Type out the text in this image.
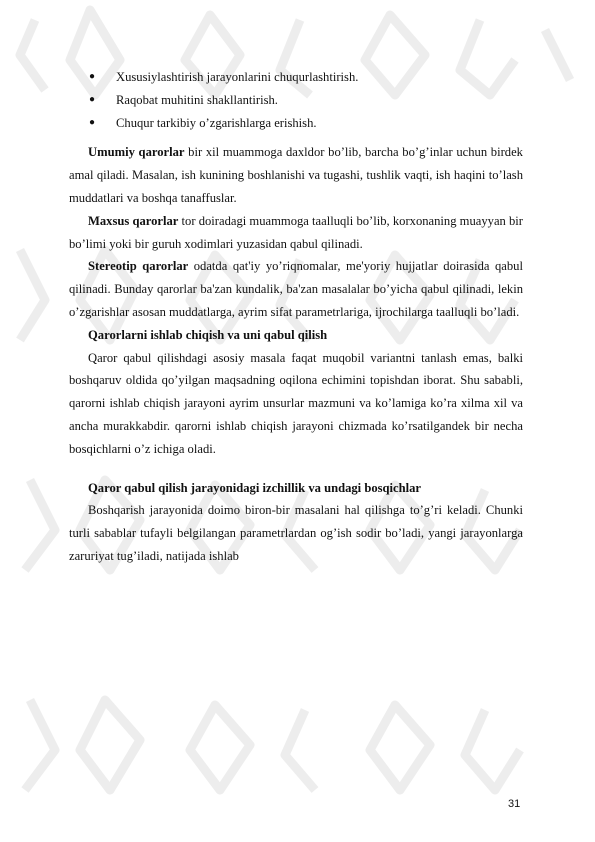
● Xususiylashtirish jarayonlarini chuqurlashtirish.
● Raqobat muhitini shakllantirish.
● Chuqur tarkibiy o’zgarishlarga erishish.

Umumiy qarorlar bir xil muammoga daxldor bo’lib, barcha bo’g’inlar uchun birdek amal qiladi. Masalan, ish kunining boshlanishi va tugashi, tushlik vaqti, ish haqini to’lash muddatlari va boshqa tanaffuslar.

Maxsus qarorlar tor doiradagi muammoga taalluqli bo’lib, korxonaning muayyan bir bo’limi yoki bir guruh xodimlari yuzasidan qabul qilinadi.

Stereotip qarorlar odatda qat'iy yo’riqnomalar, me'yoriy hujjatlar doirasida qabul qilinadi. Bunday qarorlar ba'zan kundalik, ba'zan masalalar bo’yicha qabul qilinadi, lekin o’zgarishlar asosan muddatlarga, ayrim sifat parametrlariga, ijrochilarga taalluqli bo’ladi.

Qarorlarni ishlab chiqish va uni qabul qilish

Qaror qabul qilishdagi asosiy masala faqat muqobil variantni tanlash emas, balki boshqaruv oldida qo’yilgan maqsadning oqilona echimini topishdan iborat. Shu sababli, qarorni ishlab chiqish jarayoni ayrim unsurlar mazmuni va ko’lamiga ko’ra xilma xil va ancha murakkabdir. qarorni ishlab chiqish jarayoni chizmada ko’rsatilgandek bir necha bosqichlarni o’z ichiga oladi.

Qaror qabul qilish jarayonidagi izchillik va undagi bosqichlar

Boshqarish jarayonida doimo biron-bir masalani hal qilishga to’g’ri keladi. Chunki turli sabablar tufayli belgilangan parametrlardan og’ish sodir bo’ladi, yangi jarayonlarga zaruriyat tug’iladi, natijada ishlab

31
